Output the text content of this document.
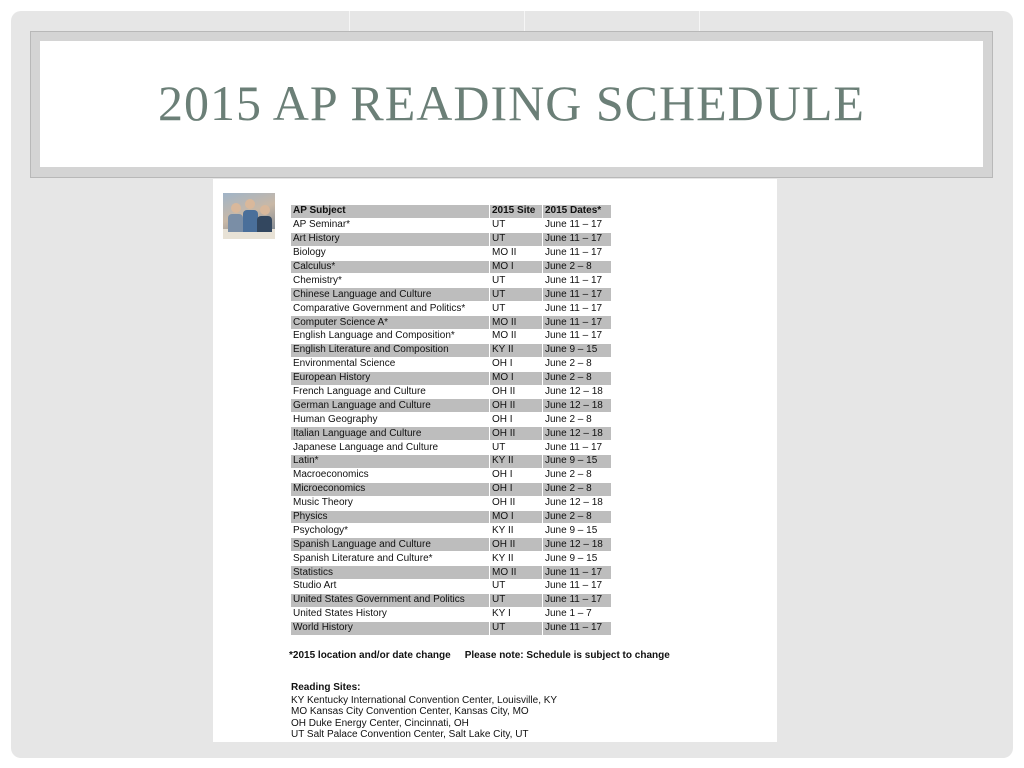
2015 AP READING SCHEDULE
AP Subject		2015 Site		2015 Dates*
AP Seminar*		UT		June 11 – 17
Art History		UT		June 11 – 17
Biology		MO II		June 11 – 17
Calculus*		MO I		June 2 – 8
Chemistry*		UT		June 11 – 17
Chinese Language and Culture		UT		June 11 – 17
Comparative Government and Politics*		UT		June 11 – 17
Computer Science A*		MO II		June 11 – 17
English Language and Composition*		MO II		June 11 – 17
English Literature and Composition		KY II		June 9 – 15
Environmental Science		OH I		June 2 – 8
European History		MO I		June 2 – 8
French Language and Culture		OH II		June 12 – 18
German Language and Culture		OH II		June 12 – 18
Human Geography		OH I		June 2 – 8
Italian Language and Culture		OH II		June 12 – 18
Japanese Language and Culture		UT		June 11 – 17
Latin*		KY II		June 9 – 15
Macroeconomics		OH I		June 2 – 8
Microeconomics		OH I		June 2 – 8
Music Theory		OH II		June 12 – 18
Physics		MO I		June 2 – 8
Psychology*		KY II		June 9 – 15
Spanish Language and Culture		OH II		June 12 – 18
Spanish Literature and Culture*		KY II		June 9 – 15
Statistics		MO II		June 11 – 17
Studio Art		UT		June 11 – 17
United States Government and Politics		UT		June 11 – 17
United States History		KY I		June 1 – 7
World History		UT		June 11 – 17
*2015 location and/or date change Please note: Schedule is subject to change
Reading Sites:
KY Kentucky International Convention Center, Louisville, KY
MO Kansas City Convention Center, Kansas City, MO
OH Duke Energy Center, Cincinnati, OH
UT Salt Palace Convention Center, Salt Lake City, UT
